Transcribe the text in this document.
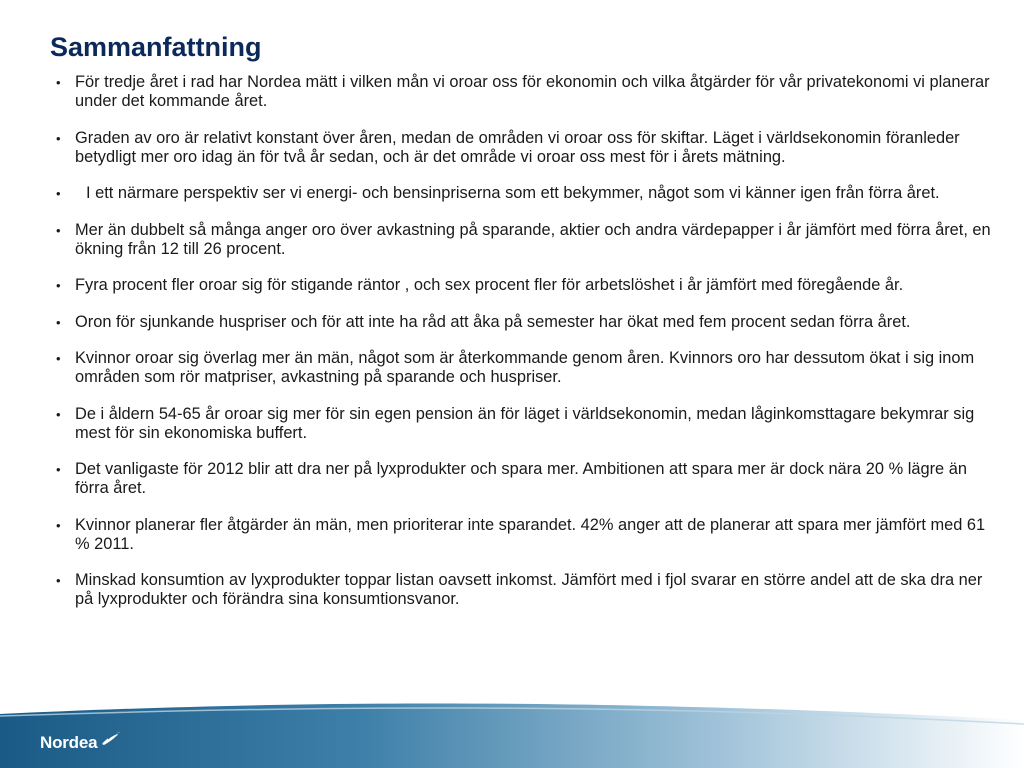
Sammanfattning
• För tredje året i rad har Nordea mätt i vilken mån vi oroar oss för ekonomin och vilka åtgärder för vår privatekonomi vi planerar under det kommande året.
• Graden av oro är relativt konstant över åren, medan de områden vi oroar oss för skiftar. Läget i världsekonomin föranleder betydligt mer oro idag än för två år sedan, och är det område vi oroar oss mest för i årets mätning.
•	I ett närmare perspektiv ser vi energi- och bensinpriserna som ett bekymmer, något som vi känner igen från förra året.
• Mer än dubbelt så många anger oro över avkastning på sparande, aktier och andra värdepapper i år jämfört med förra året, en ökning från 12 till 26 procent.
• Fyra procent fler oroar sig för stigande räntor , och sex procent fler för arbetslöshet i år jämfört med föregående år.
• Oron för sjunkande huspriser och för att inte ha råd att åka på semester har ökat med fem procent sedan förra året.
• Kvinnor oroar sig överlag mer än män, något som är återkommande genom åren. Kvinnors oro har dessutom ökat i sig inom områden som rör matpriser, avkastning på sparande och huspriser.
• De i åldern 54-65 år oroar sig mer för sin egen pension än för läget i världsekonomin, medan låginkomsttagare bekymrar sig mest för sin ekonomiska buffert.
• Det vanligaste för 2012 blir att dra ner på lyxprodukter och spara mer. Ambitionen att spara mer är dock nära 20 % lägre än förra året.
• Kvinnor planerar fler åtgärder än män, men prioriterar inte sparandet. 42% anger att de planerar att spara mer jämfört med 61 % 2011.
• Minskad konsumtion av lyxprodukter toppar listan oavsett inkomst. Jämfört med i fjol svarar en större andel att de ska dra ner på lyxprodukter och förändra sina konsumtionsvanor.
Nordea
